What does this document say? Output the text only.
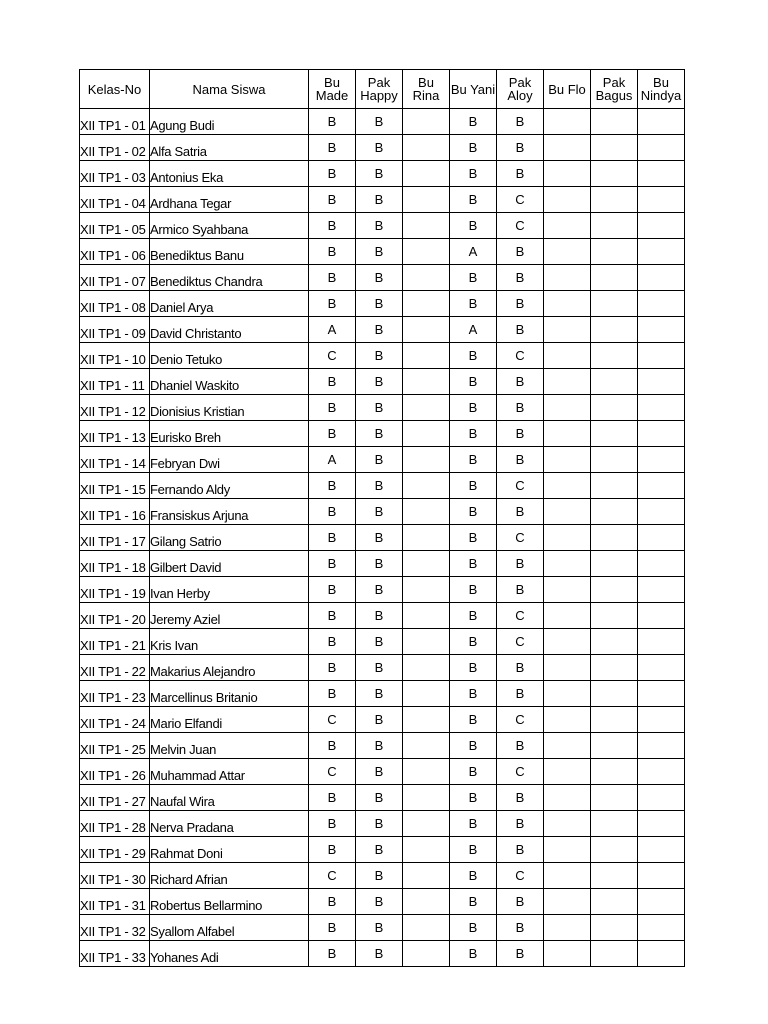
Kelas-No	Nama Siswa	Bu Made	Pak Happy	Bu Rina	Bu Yani	Pak Aloy	Bu Flo	Pak Bagus	Bu Nindya
XII TP1 - 01	Agung Budi	B	B		B	B			
XII TP1 - 02	Alfa Satria	B	B		B	B			
XII TP1 - 03	Antonius Eka	B	B		B	B			
XII TP1 - 04	Ardhana Tegar	B	B		B	C			
XII TP1 - 05	Armico Syahbana	B	B		B	C			
XII TP1 - 06	Benediktus Banu	B	B		A	B			
XII TP1 - 07	Benediktus Chandra	B	B		B	B			
XII TP1 - 08	Daniel Arya	B	B		B	B			
XII TP1 - 09	David Christanto	A	B		A	B			
XII TP1 - 10	Denio Tetuko	C	B		B	C			
XII TP1 - 11	Dhaniel Waskito	B	B		B	B			
XII TP1 - 12	Dionisius Kristian	B	B		B	B			
XII TP1 - 13	Eurisko Breh	B	B		B	B			
XII TP1 - 14	Febryan Dwi	A	B		B	B			
XII TP1 - 15	Fernando Aldy	B	B		B	C			
XII TP1 - 16	Fransiskus Arjuna	B	B		B	B			
XII TP1 - 17	Gilang Satrio	B	B		B	C			
XII TP1 - 18	Gilbert David	B	B		B	B			
XII TP1 - 19	Ivan Herby	B	B		B	B			
XII TP1 - 20	Jeremy Aziel	B	B		B	C			
XII TP1 - 21	Kris Ivan	B	B		B	C			
XII TP1 - 22	Makarius Alejandro	B	B		B	B			
XII TP1 - 23	Marcellinus Britanio	B	B		B	B			
XII TP1 - 24	Mario Elfandi	C	B		B	C			
XII TP1 - 25	Melvin Juan	B	B		B	B			
XII TP1 - 26	Muhammad Attar	C	B		B	C			
XII TP1 - 27	Naufal Wira	B	B		B	B			
XII TP1 - 28	Nerva Pradana	B	B		B	B			
XII TP1 - 29	Rahmat Doni	B	B		B	B			
XII TP1 - 30	Richard Afrian	C	B		B	C			
XII TP1 - 31	Robertus Bellarmino	B	B		B	B			
XII TP1 - 32	Syallom Alfabel	B	B		B	B			
XII TP1 - 33	Yohanes Adi	B	B		B	B			
